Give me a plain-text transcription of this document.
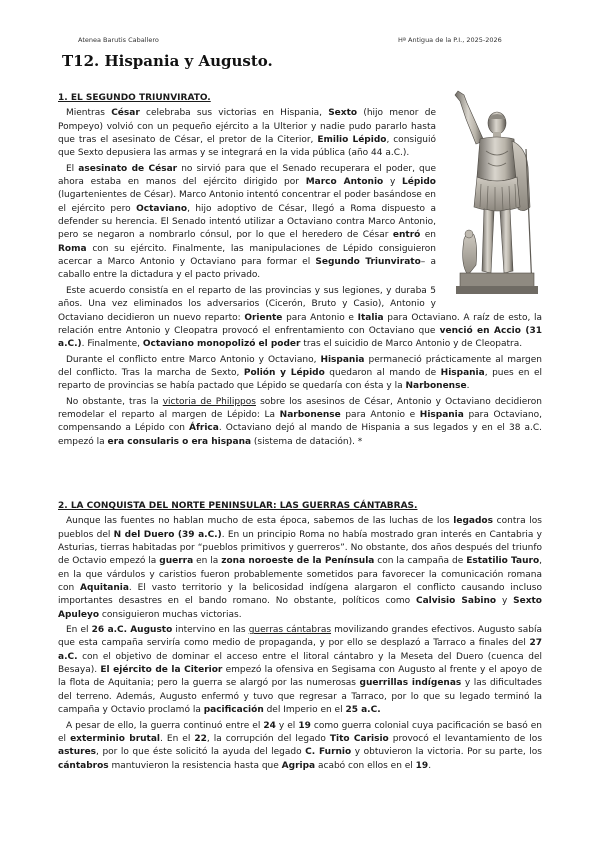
Atenea Barutis Caballero	Hª Antigua de la P.I., 2025-2026
T12. Hispania y Augusto.
1. EL SEGUNDO TRIUNVIRATO.

Mientras César celebraba sus victorias en Hispania, Sexto (hijo menor de Pompeyo) volvió con un pequeño ejército a la Ulterior y nadie pudo pararlo hasta que tras el asesinato de César, el pretor de la Citerior, Emilio Lépido, consiguió que Sexto depusiera las armas y se integrará en la vida pública (año 44 a.C.).

El asesinato de César no sirvió para que el Senado recuperara el poder, que ahora estaba en manos del ejército dirigido por Marco Antonio y Lépido (lugartenientes de César). Marco Antonio intentó concentrar el poder basándose en el ejército pero Octaviano, hijo adoptivo de César, llegó a Roma dispuesto a defender su herencia. El Senado intentó utilizar a Octaviano contra Marco Antonio, pero se negaron a nombrarlo cónsul, por lo que el heredero de César entró en Roma con su ejército. Finalmente, las manipulaciones de Lépido consiguieron acercar a Marco Antonio y Octaviano para formar el Segundo Triunvirato– a caballo entre la dictadura y el pacto privado.

Este acuerdo consistía en el reparto de las provincias y sus legiones, y duraba 5 años. Una vez eliminados los adversarios (Cicerón, Bruto y Casio), Antonio y Octaviano decidieron un nuevo reparto: Oriente para Antonio e Italia para Octaviano. A raíz de esto, la relación entre Antonio y Cleopatra provocó el enfrentamiento con Octaviano que venció en Accio (31 a.C.). Finalmente, Octaviano monopolizó el poder tras el suicidio de Marco Antonio y de Cleopatra.

Durante el conflicto entre Marco Antonio y Octaviano, Hispania permaneció prácticamente al margen del conflicto. Tras la marcha de Sexto, Polión y Lépido quedaron al mando de Hispania, pues en el reparto de provincias se había pactado que Lépido se quedaría con ésta y la Narbonense.

No obstante, tras la victoria de Philippos sobre los asesinos de César, Antonio y Octaviano decidieron remodelar el reparto al margen de Lépido: La Narbonense para Antonio e Hispania para Octaviano, compensando a Lépido con África. Octaviano dejó al mando de Hispania a sus legados y en el 38 a.C. empezó la era consularis o era hispana (sistema de datación). *

2. LA CONQUISTA DEL NORTE PENINSULAR: LAS GUERRAS CÁNTABRAS.

Aunque las fuentes no hablan mucho de esta época, sabemos de las luchas de los legados contra los pueblos del N del Duero (39 a.C.). En un principio Roma no había mostrado gran interés en Cantabria y Asturias, tierras habitadas por “pueblos primitivos y guerreros”. No obstante, dos años después del triunfo de Octavio empezó la guerra en la zona noroeste de la Península con la campaña de Estatilio Tauro, en la que várdulos y caristios fueron probablemente sometidos para favorecer la comunicación romana con Aquitania. El vasto territorio y la belicosidad indígena alargaron el conflicto causando incluso importantes desastres en el bando romano. No obstante, políticos como Calvisio Sabino y Sexto Apuleyo consiguieron muchas victorias.

En el 26 a.C. Augusto intervino en las guerras cántabras movilizando grandes efectivos. Augusto sabía que esta campaña serviría como medio de propaganda, y por ello se desplazó a Tarraco a finales del 27 a.C. con el objetivo de dominar el acceso entre el litoral cántabro y la Meseta del Duero (cuenca del Besaya). El ejército de la Citerior empezó la ofensiva en Segisama con Augusto al frente y el apoyo de la flota de Aquitania; pero la guerra se alargó por las numerosas guerrillas indígenas y las dificultades del terreno. Además, Augusto enfermó y tuvo que regresar a Tarraco, por lo que su legado terminó la campaña y Octavio proclamó la pacificación del Imperio en el 25 a.C.

A pesar de ello, la guerra continuó entre el 24 y el 19 como guerra colonial cuya pacificación se basó en el exterminio brutal. En el 22, la corrupción del legado Tito Carisio provocó el levantamiento de los astures, por lo que éste solicitó la ayuda del legado C. Furnio y obtuvieron la victoria. Por su parte, los cántabros mantuvieron la resistencia hasta que Agripa acabó con ellos en el 19.
